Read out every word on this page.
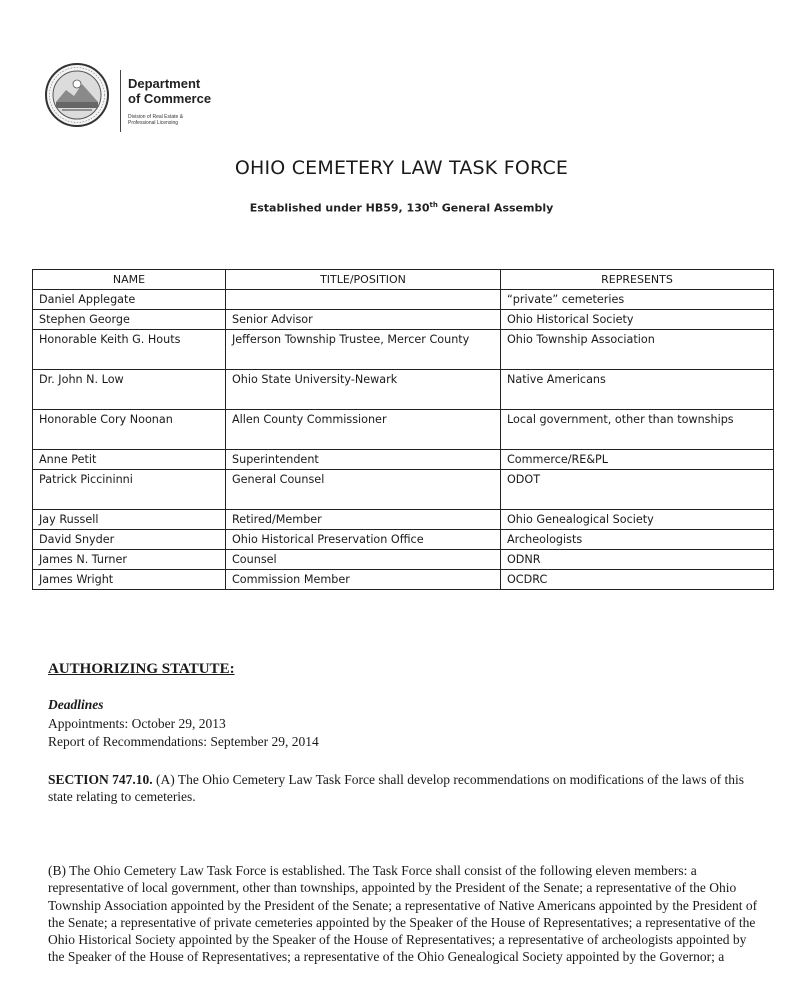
Department
of Commerce
Division of Real Estate &
Professional Licensing
OHIO CEMETERY LAW TASK FORCE
Established under HB59, 130th General Assembly
NAME	TITLE/POSITION	REPRESENTS
Daniel Applegate		“private” cemeteries
Stephen George	Senior Advisor	Ohio Historical Society
Honorable Keith G. Houts	Jefferson Township Trustee, Mercer County	Ohio Township Association
Dr. John N. Low	Ohio State University-Newark	Native Americans
Honorable Cory Noonan	Allen County Commissioner	Local government, other than townships
Anne Petit	Superintendent	Commerce/RE&PL
Patrick Piccininni	General Counsel	ODOT
Jay Russell	Retired/Member	Ohio Genealogical Society
David Snyder	Ohio Historical Preservation Office	Archeologists
James N. Turner	Counsel	ODNR
James Wright	Commission Member	OCDRC
AUTHORIZING STATUTE:
Deadlines
Appointments: October 29, 2013
Report of Recommendations: September 29, 2014
SECTION 747.10. (A) The Ohio Cemetery Law Task Force shall develop recommendations on modifications of the laws of this state relating to cemeteries.
(B) The Ohio Cemetery Law Task Force is established. The Task Force shall consist of the following eleven members: a representative of local government, other than townships, appointed by the President of the Senate; a representative of the Ohio Township Association appointed by the President of the Senate; a representative of Native Americans appointed by the President of the Senate; a representative of private cemeteries appointed by the Speaker of the House of Representatives; a representative of the Ohio Historical Society appointed by the Speaker of the House of Representatives; a representative of archeologists appointed by the Speaker of the House of Representatives; a representative of the Ohio Genealogical Society appointed by the Governor; a
